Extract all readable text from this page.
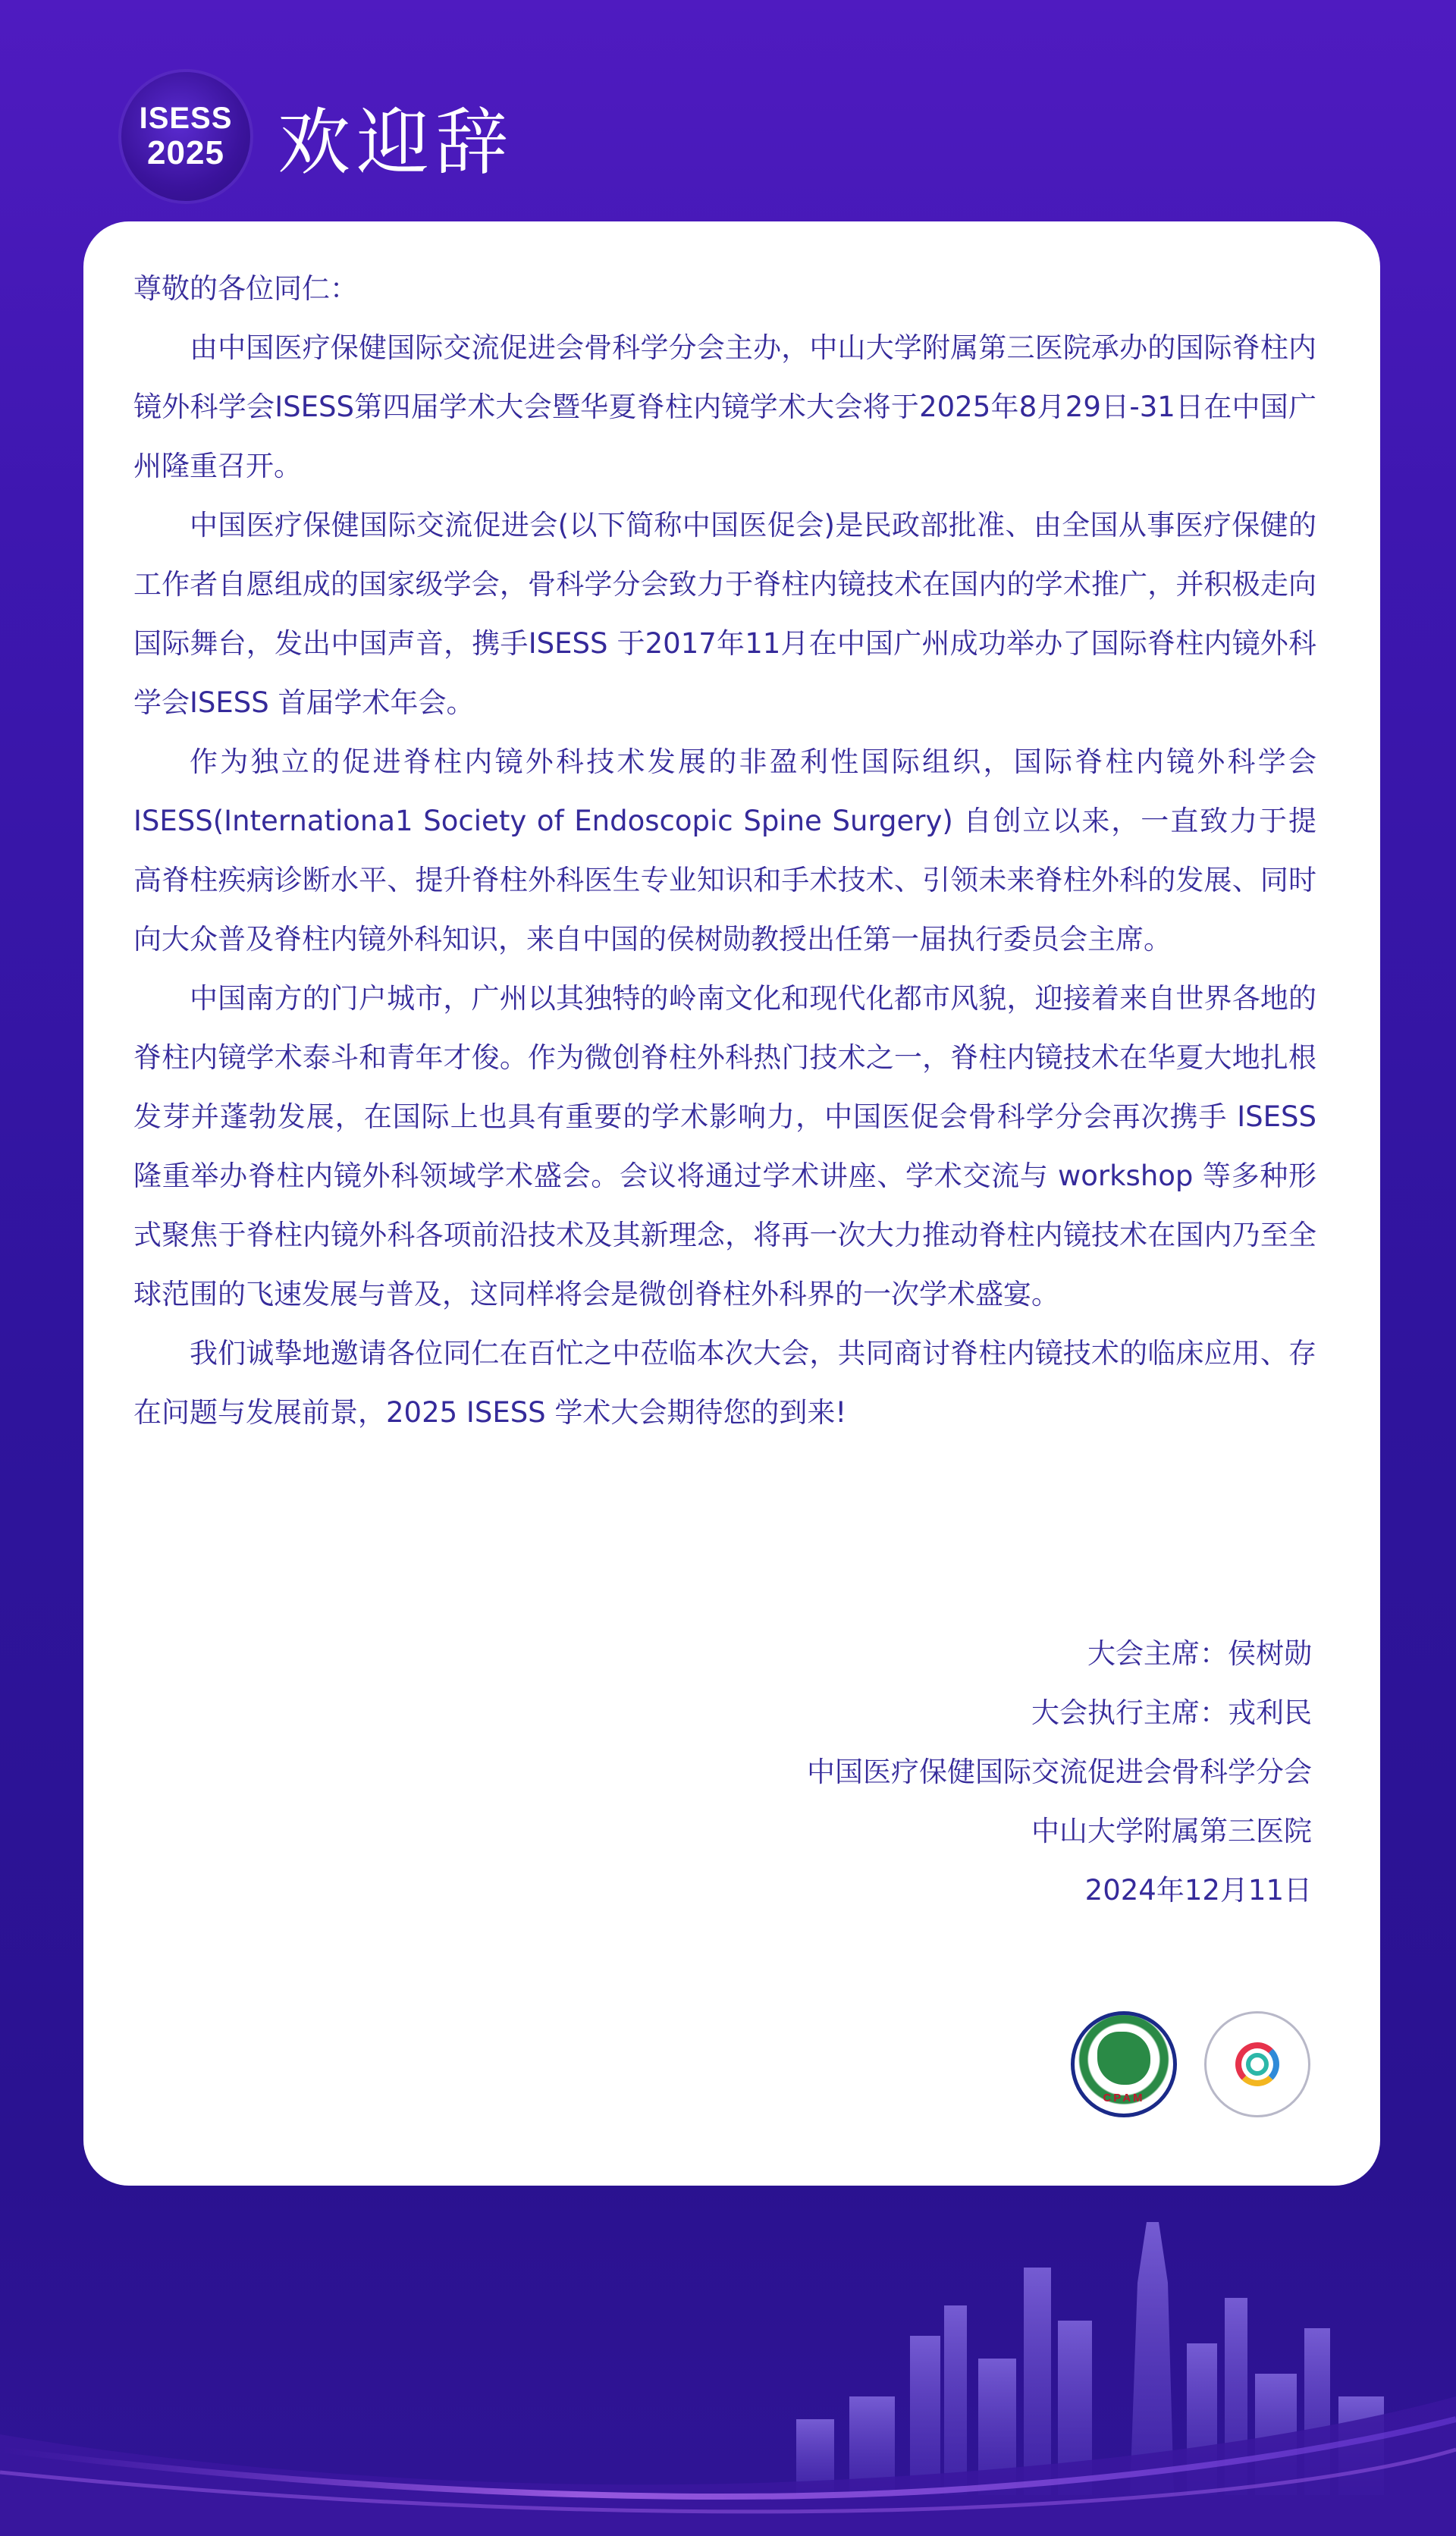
ISESS
2025 欢迎辞

尊敬的各位同仁：

由中国医疗保健国际交流促进会骨科学分会主办，中山大学附属第三医院承办的国际脊柱内镜外科学会ISESS第四届学术大会暨华夏脊柱内镜学术大会将于2025年8月29日-31日在中国广州隆重召开。

中国医疗保健国际交流促进会(以下简称中国医促会)是民政部批准、由全国从事医疗保健的工作者自愿组成的国家级学会，骨科学分会致力于脊柱内镜技术在国内的学术推广，并积极走向国际舞台，发出中国声音，携手ISESS 于2017年11月在中国广州成功举办了国际脊柱内镜外科学会ISESS 首届学术年会。

作为独立的促进脊柱内镜外科技术发展的非盈利性国际组织，国际脊柱内镜外科学会ISESS(Internationa1 Society of Endoscopic Spine Surgery) 自创立以来，一直致力于提高脊柱疾病诊断水平、提升脊柱外科医生专业知识和手术技术、引领未来脊柱外科的发展、同时向大众普及脊柱内镜外科知识，来自中国的侯树勋教授出任第一届执行委员会主席。

中国南方的门户城市，广州以其独特的岭南文化和现代化都市风貌，迎接着来自世界各地的脊柱内镜学术泰斗和青年才俊。作为微创脊柱外科热门技术之一，脊柱内镜技术在华夏大地扎根发芽并蓬勃发展，在国际上也具有重要的学术影响力，中国医促会骨科学分会再次携手 ISESS 隆重举办脊柱内镜外科领域学术盛会。会议将通过学术讲座、学术交流与 workshop 等多种形式聚焦于脊柱内镜外科各项前沿技术及其新理念，将再一次大力推动脊柱内镜技术在国内乃至全球范围的飞速发展与普及，这同样将会是微创脊柱外科界的一次学术盛宴。

我们诚挚地邀请各位同仁在百忙之中莅临本次大会，共同商讨脊柱内镜技术的临床应用、存在问题与发展前景，2025 ISESS 学术大会期待您的到来!

大会主席：侯树勋
大会执行主席：戎利民
中国医疗保健国际交流促进会骨科学分会
中山大学附属第三医院
2024年12月11日
CPAM
